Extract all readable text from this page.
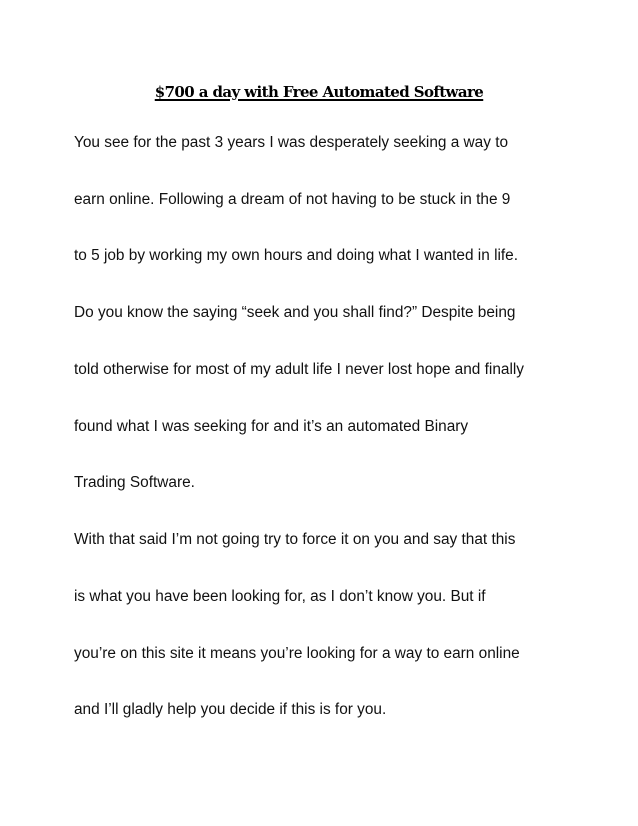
$700 a day with Free Automated Software
You see for the past 3 years I was desperately seeking a way to
earn online. Following a dream of not having to be stuck in the 9
to 5 job by working my own hours and doing what I wanted in life.
Do you know the saying “seek and you shall find?” Despite being
told otherwise for most of my adult life I never lost hope and finally
found what I was seeking for and it’s an automated Binary
Trading Software.
With that said I’m not going try to force it on you and say that this
is what you have been looking for, as I don’t know you. But if
you’re on this site it means you’re looking for a way to earn online
and I’ll gladly help you decide if this is for you.
